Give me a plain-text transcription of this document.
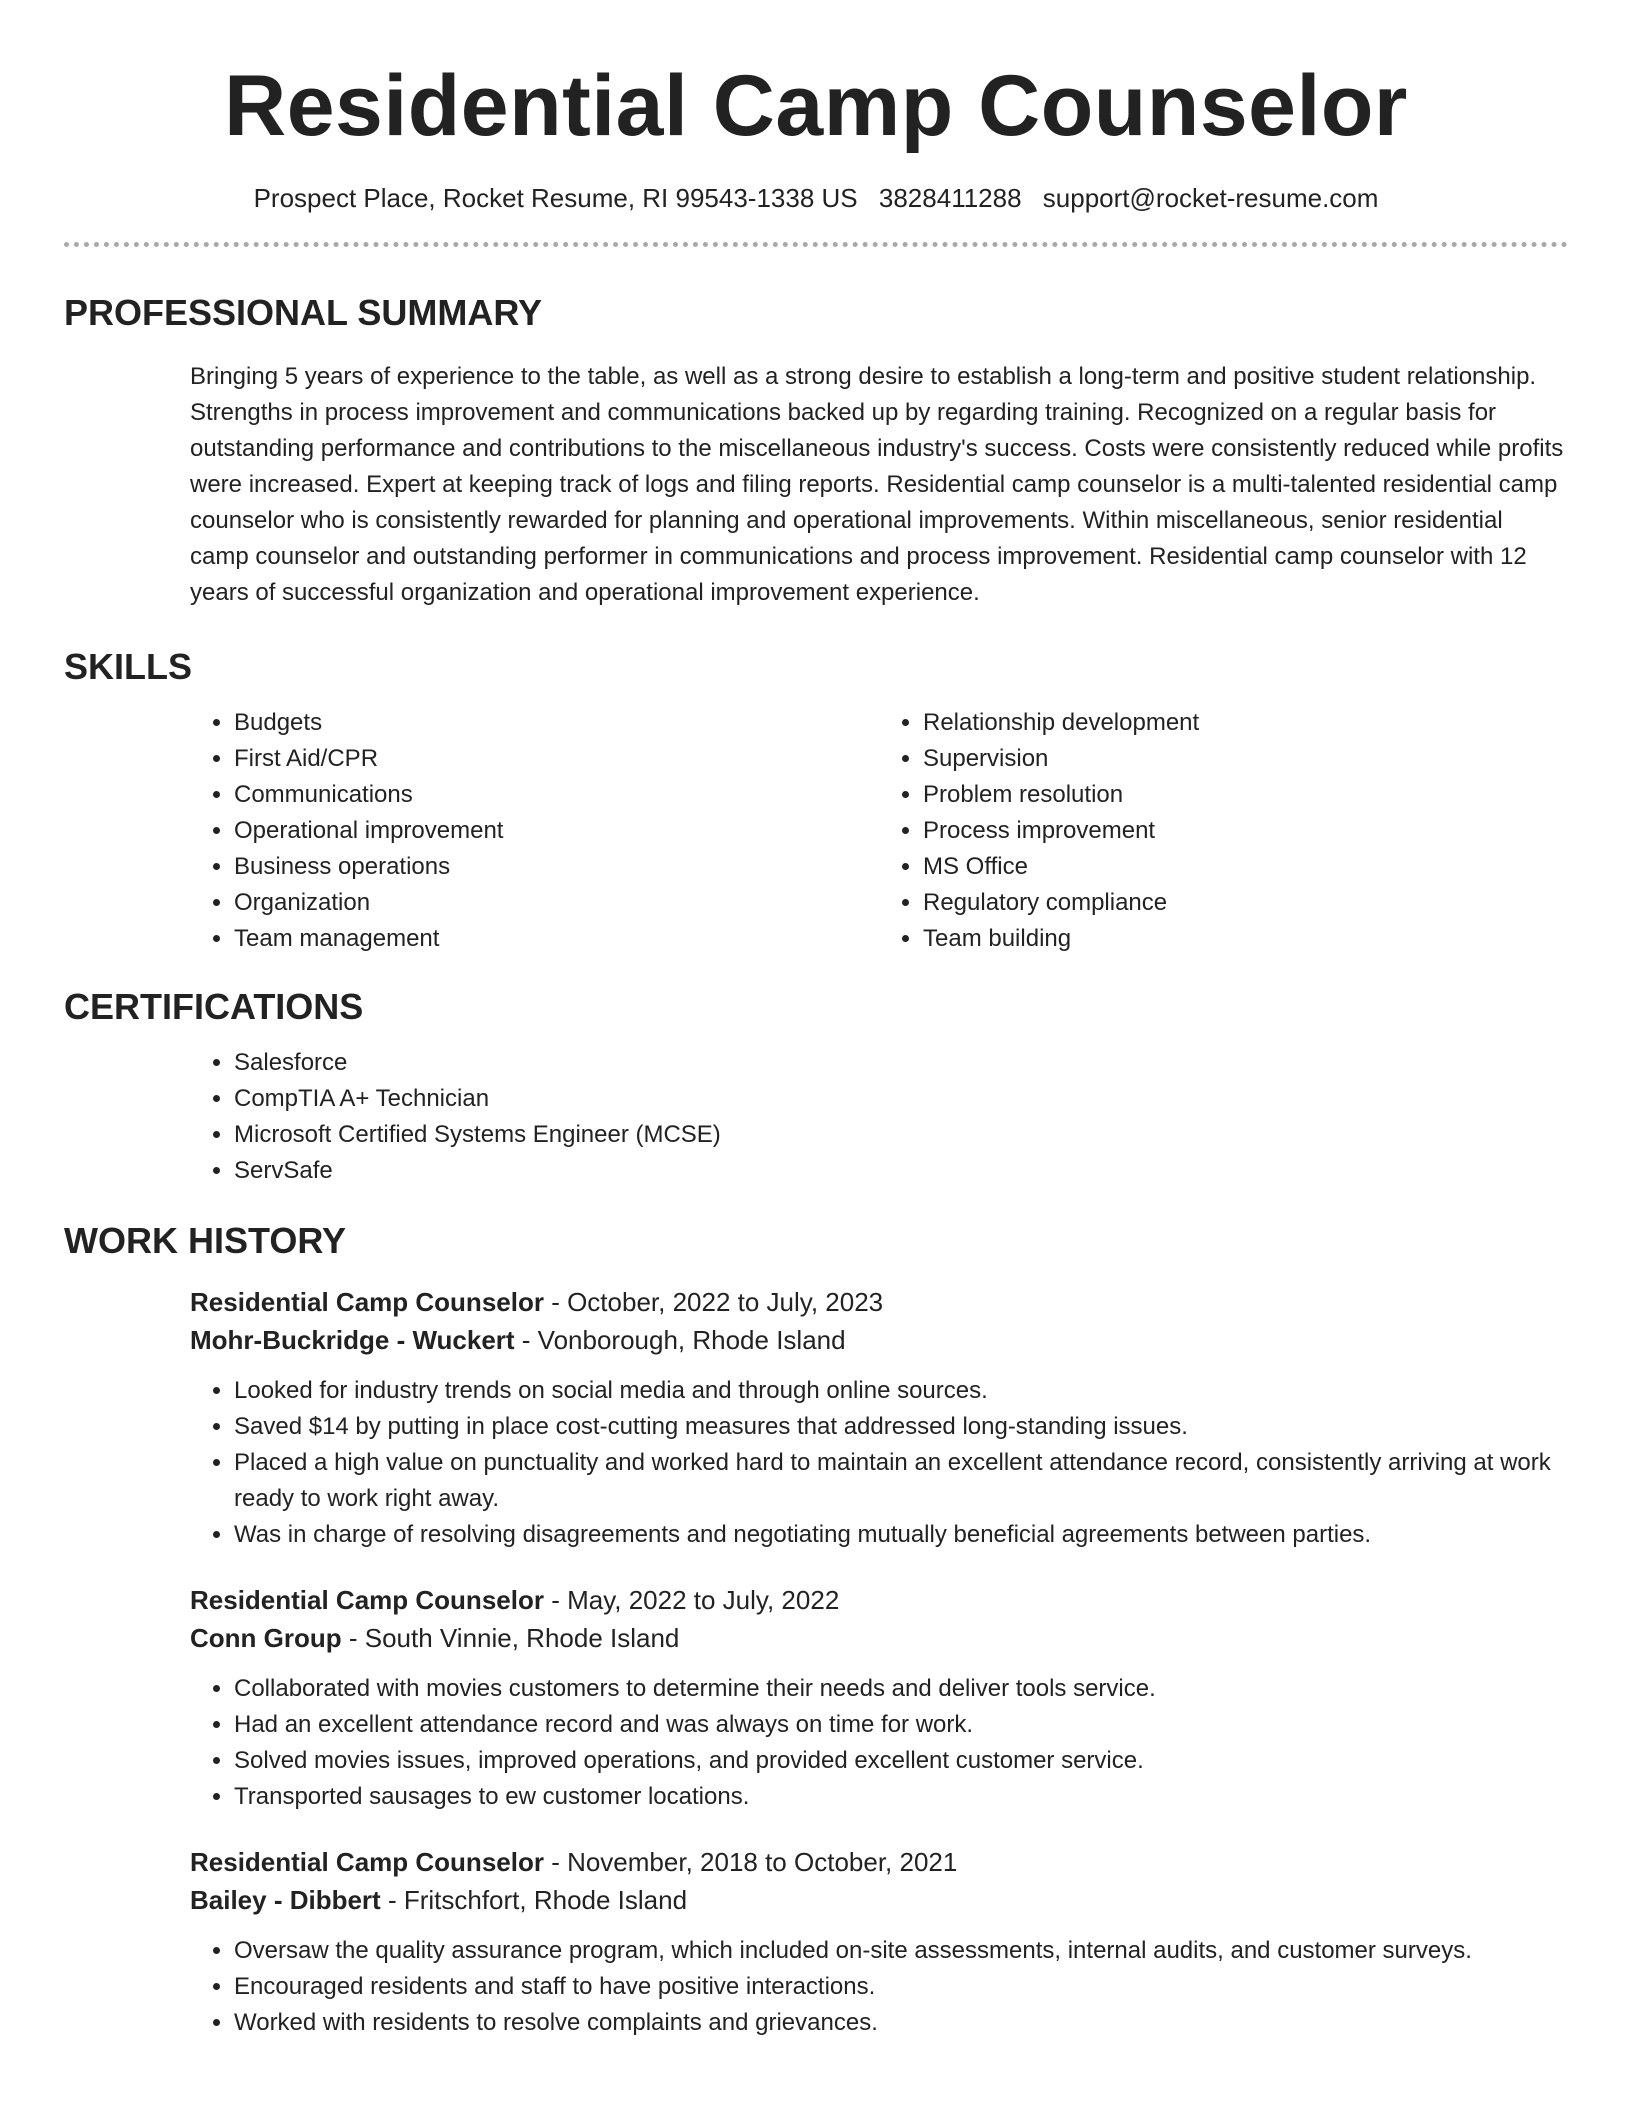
Residential Camp Counselor
Prospect Place, Rocket Resume, RI 99543-1338 US 3828411288 support@rocket-resume.com
PROFESSIONAL SUMMARY
Bringing 5 years of experience to the table, as well as a strong desire to establish a long-term and positive student relationship. Strengths in process improvement and communications backed up by regarding training. Recognized on a regular basis for outstanding performance and contributions to the miscellaneous industry's success. Costs were consistently reduced while profits were increased. Expert at keeping track of logs and filing reports. Residential camp counselor is a multi-talented residential camp counselor who is consistently rewarded for planning and operational improvements. Within miscellaneous, senior residential camp counselor and outstanding performer in communications and process improvement. Residential camp counselor with 12 years of successful organization and operational improvement experience.
SKILLS
• Budgets
• First Aid/CPR
• Communications
• Operational improvement
• Business operations
• Organization
• Team management
• Relationship development
• Supervision
• Problem resolution
• Process improvement
• MS Office
• Regulatory compliance
• Team building
CERTIFICATIONS
• Salesforce
• CompTIA A+ Technician
• Microsoft Certified Systems Engineer (MCSE)
• ServSafe
WORK HISTORY
Residential Camp Counselor - October, 2022 to July, 2023
Mohr-Buckridge - Wuckert - Vonborough, Rhode Island
• Looked for industry trends on social media and through online sources.
• Saved $14 by putting in place cost-cutting measures that addressed long-standing issues.
• Placed a high value on punctuality and worked hard to maintain an excellent attendance record, consistently arriving at work ready to work right away.
• Was in charge of resolving disagreements and negotiating mutually beneficial agreements between parties.
Residential Camp Counselor - May, 2022 to July, 2022
Conn Group - South Vinnie, Rhode Island
• Collaborated with movies customers to determine their needs and deliver tools service.
• Had an excellent attendance record and was always on time for work.
• Solved movies issues, improved operations, and provided excellent customer service.
• Transported sausages to ew customer locations.
Residential Camp Counselor - November, 2018 to October, 2021
Bailey - Dibbert - Fritschfort, Rhode Island
• Oversaw the quality assurance program, which included on-site assessments, internal audits, and customer surveys.
• Encouraged residents and staff to have positive interactions.
• Worked with residents to resolve complaints and grievances.
